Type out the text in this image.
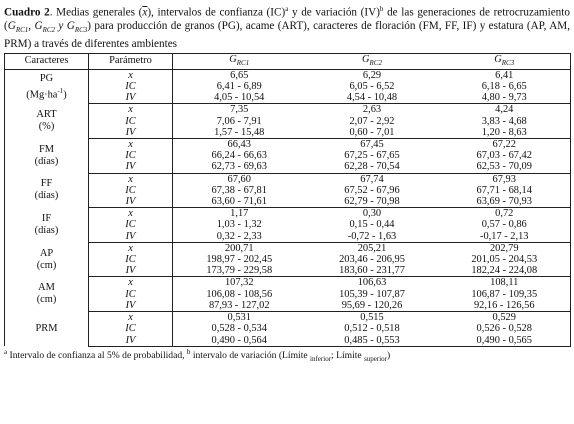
Cuadro 2. Medias generales $(\overline{x})$, intervalos de confianza (IC)$^a$ y de variación (IV)$^b$ de las generaciones de retrocruzamiento ($G_{RC1}$, $G_{RC2}$ y $G_{RC3}$) para producción de granos (PG), acame (ART), caracteres de floración (FM, FF, IF) y estatura (AP, AM, PRM) a través de diferentes ambientes

Caracteres	Parámetro	$G_{RC1}$	$G_{RC2}$	$G_{RC3}$

PG
$(Mg\cdot ha^{-1})$	$\overline{x}$	6,65	6,29	6,41
	IC	6,41 - 6,89	6,05 - 6,52	6,18 - 6,65
	IV	4,05 - 10,54	4,54 - 10,48	4,80 - 9,73

ART
(%)	$\overline{x}$	7,35	2,63	4,24
	IC	7,06 - 7,91	2,07 - 2,92	3,83 - 4,68
	IV	1,57 - 15,48	0,60 - 7,01	1,20 - 8,63

FM
(días)	$\overline{x}$	66,43	67,45	67,22
	IC	66,24 - 66,63	67,25 - 67,65	67,03 - 67,42
	IV	62,73 - 69,63	62,28 - 70,54	62,53 - 70,09

FF
(días)	$\overline{x}$	67,60	67,74	67,93
	IC	67,38 - 67,81	67,52 - 67,96	67,71 - 68,14
	IV	63,60 - 71,61	62,79 - 70,98	63,69 - 70,93

IF
(días)	$\overline{x}$	1,17	0,30	0,72
	IC	1,03 - 1,32	0,15 - 0,44	0,57 - 0,86
	IV	0,32 - 2,33	-0,72 - 1,63	-0,17 - 2,13

AP
(cm)	$\overline{x}$	200,71	205,21	202,79
	IC	198,97 - 202,45	203,46 - 206,95	201,05 - 204,53
	IV	173,79 - 229,58	183,60 - 231,77	182,24 - 224,08

AM
(cm)	$\overline{x}$	107,32	106,63	108,11
	IC	106,08 - 108,56	105,39 - 107,87	106,87 - 109,35
	IV	87,93 - 127,02	95,69 - 120,26	92,16 - 126,56

PRM	$\overline{x}$	0,531	0,515	0,529
	IC	0,528 - 0,534	0,512 - 0,518	0,526 - 0,528
	IV	0,490 - 0,564	0,485 - 0,553	0,490 - 0,565
$^a$ Intervalo de confianza al 5% de probabilidad, $^b$ intervalo de variación (Límite $_{inferior}$; Límite $_{superior}$)
